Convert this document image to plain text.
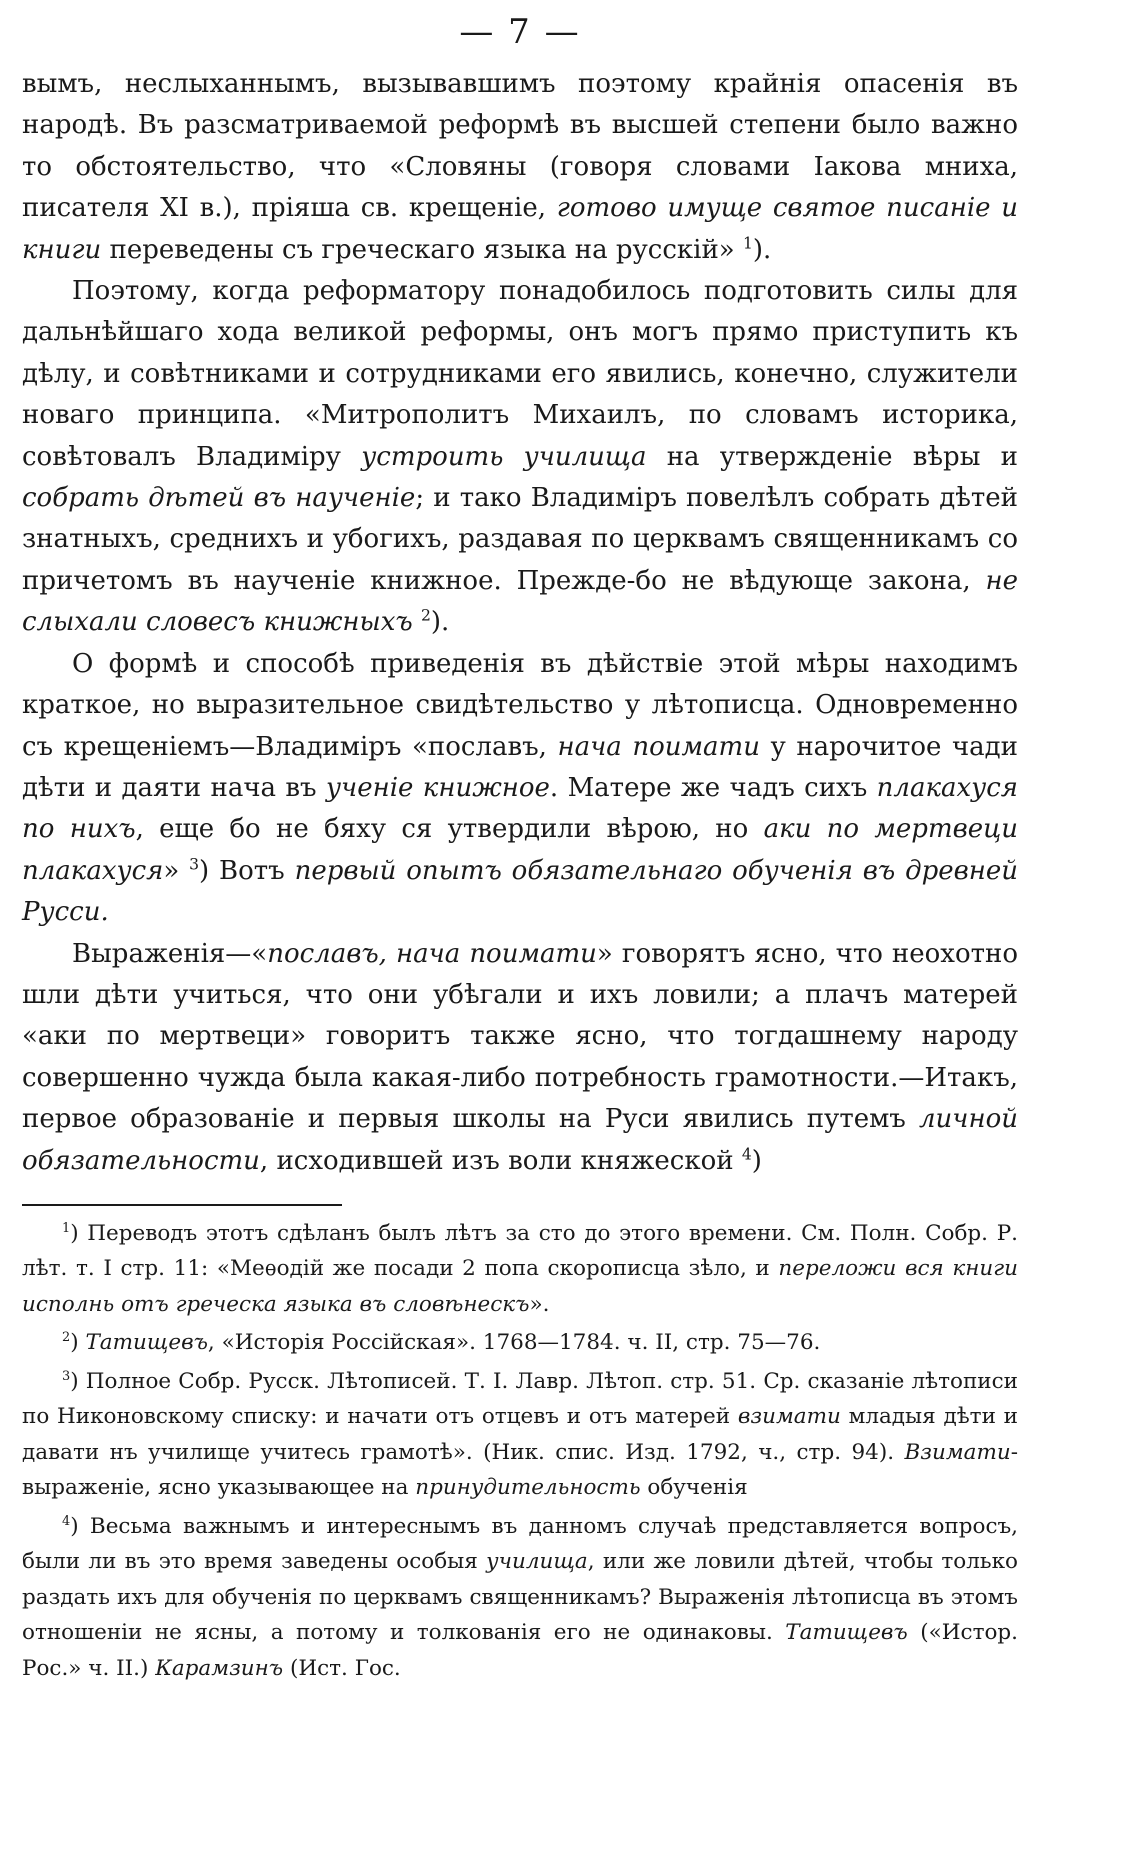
— 7 —

вымъ, неслыханнымъ, вызывавшимъ поэтому крайнія опасенія въ народѣ. Въ разсматриваемой реформѣ въ высшей степени было важно то обстоятельство, что «Словяны (говоря словами Іакова мниха, писателя XI в.), пріяша св. крещеніе, готово имуще святое писаніе и книги переведены съ греческаго языка на русскій» $^1$).

Поэтому, когда реформатору понадобилось подготовить силы для дальнѣйшаго хода великой реформы, онъ могъ прямо приступить къ дѣлу, и совѣтниками и сотрудниками его явились, конечно, служители новаго принципа. «Митрополитъ Михаилъ, по словамъ историка, совѣтовалъ Владиміру устроить училища на утвержденіе вѣры и собрать дѣтей въ наученіе; и тако Владиміръ повелѣлъ собрать дѣтей знатныхъ, среднихъ и убогихъ, раздавая по церквамъ священникамъ со причетомъ въ наученіе книжное. Прежде-бо не вѣдующе закона, не слыхали словесъ книжныхъ $^2$).

О формѣ и способѣ приведенія въ дѣйствіе этой мѣры находимъ краткое, но выразительное свидѣтельство у лѣтописца. Одновременно съ крещеніемъ—Владиміръ «пославъ, нача поимати у нарочитое чади дѣти и даяти нача въ ученіе книжное. Матере же чадъ сихъ плакахуся по нихъ, еще бо не бяху ся утвердили вѣрою, но аки по мертвеци плакахуся» $^3$) Вотъ первый опытъ обязательнаго обученія въ древней Русси.

Выраженія—«пославъ, нача поимати» говорятъ ясно, что неохотно шли дѣти учиться, что они убѣгали и ихъ ловили; а плачъ матерей «аки по мертвеци» говоритъ также ясно, что тогдашнему народу совершенно чужда была какая-либо потребность грамотности.—Итакъ, первое образованіе и первыя школы на Руси явились путемъ личной обязательности, исходившей изъ воли княжеской $^4$)

$^1$) Переводъ этотъ сдѣланъ былъ лѣтъ за сто до этого времени. См. Полн. Собр. Р. лѣт. т. I стр. 11: «Меѳодій же посади 2 попа скорописца зѣло, и переложи вся книги исполнь отъ греческа языка въ словѣнескъ».

$^2$) Татищевъ, «Исторія Россійская». 1768—1784. ч. II, стр. 75—76.

$^3$) Полное Собр. Русск. Лѣтописей. Т. I. Лавр. Лѣтоп. стр. 51. Ср. сказаніе лѣтописи по Никоновскому списку: и начати отъ отцевъ и отъ матерей взимати младыя дѣти и давати нъ училище учитесь грамотѣ». (Ник. спис. Изд. 1792, ч., стр. 94). Взимати-выраженіе, ясно указывающее на принудительность обученія

$^4$) Весьма важнымъ и интереснымъ въ данномъ случаѣ представляется вопросъ, были ли въ это время заведены особыя училища, или же ловили дѣтей, чтобы только раздать ихъ для обученія по церквамъ священникамъ? Выраженія лѣтописца въ этомъ отношеніи не ясны, а потому и толкованія его не одинаковы. Татищевъ («Истор. Рос.» ч. II.) Карамзинъ (Ист. Гос.
